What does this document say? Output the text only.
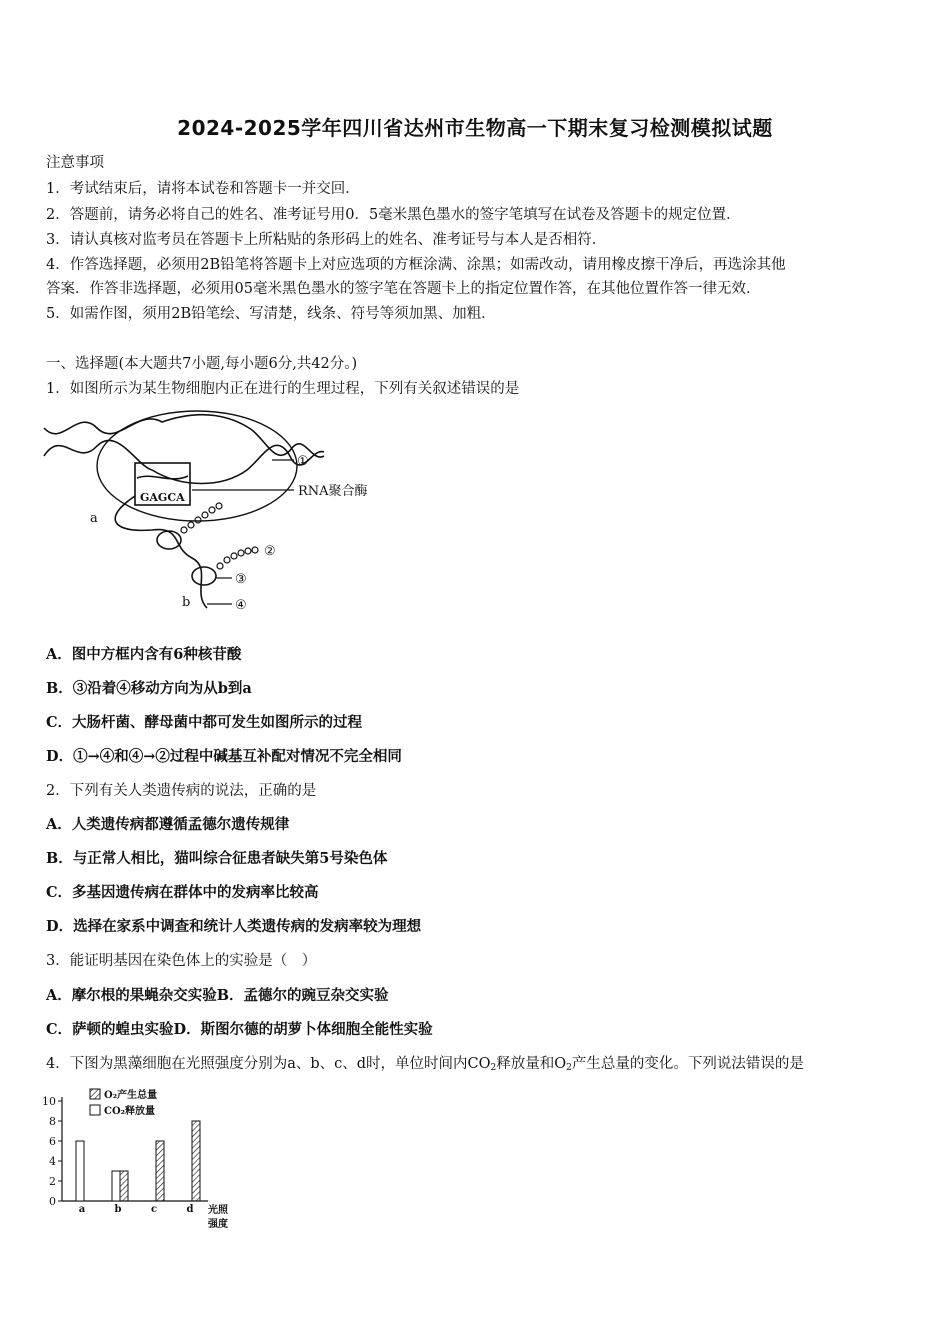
2024-2025学年四川省达州市生物高一下期末复习检测模拟试题
注意事项
1．考试结束后，请将本试卷和答题卡一并交回．
2．答题前，请务必将自己的姓名、准考证号用0．5毫米黑色墨水的签字笔填写在试卷及答题卡的规定位置．
3．请认真核对监考员在答题卡上所粘贴的条形码上的姓名、准考证号与本人是否相符．
4．作答选择题，必须用2B铅笔将答题卡上对应选项的方框涂满、涂黑；如需改动，请用橡皮擦干净后，再选涂其他
答案．作答非选择题，必须用05毫米黑色墨水的签字笔在答题卡上的指定位置作答，在其他位置作答一律无效．
5．如需作图，须用2B铅笔绘、写清楚，线条、符号等须加黑、加粗．
一、选择题(本大题共7小题,每小题6分,共42分。)
1．如图所示为某生物细胞内正在进行的生理过程，下列有关叙述错误的是
GAGCA
①
RNA聚合酶
②
③
④
a
b
A．图中方框内含有6种核苷酸
B．③沿着④移动方向为从b到a
C．大肠杆菌、酵母菌中都可发生如图所示的过程
D．①→④和④→②过程中碱基互补配对情况不完全相同
2．下列有关人类遗传病的说法，正确的是
A．人类遗传病都遵循孟德尔遗传规律
B．与正常人相比，猫叫综合征患者缺失第5号染色体
C．多基因遗传病在群体中的发病率比较高
D．选择在家系中调查和统计人类遗传病的发病率较为理想
3．能证明基因在染色体上的实验是（　）
A．摩尔根的果蝇杂交实验B．孟德尔的豌豆杂交实验
C．萨顿的蝗虫实验D．斯图尔德的胡萝卜体细胞全能性实验
4．下图为黑藻细胞在光照强度分别为a、b、c、d时，单位时间内$CO_2$释放量和$O_2$产生总量的变化。下列说法错误的是
0
2
4
6
8
10
a	b	c	d
O₂产生总量
CO₂释放量
光照
强度
